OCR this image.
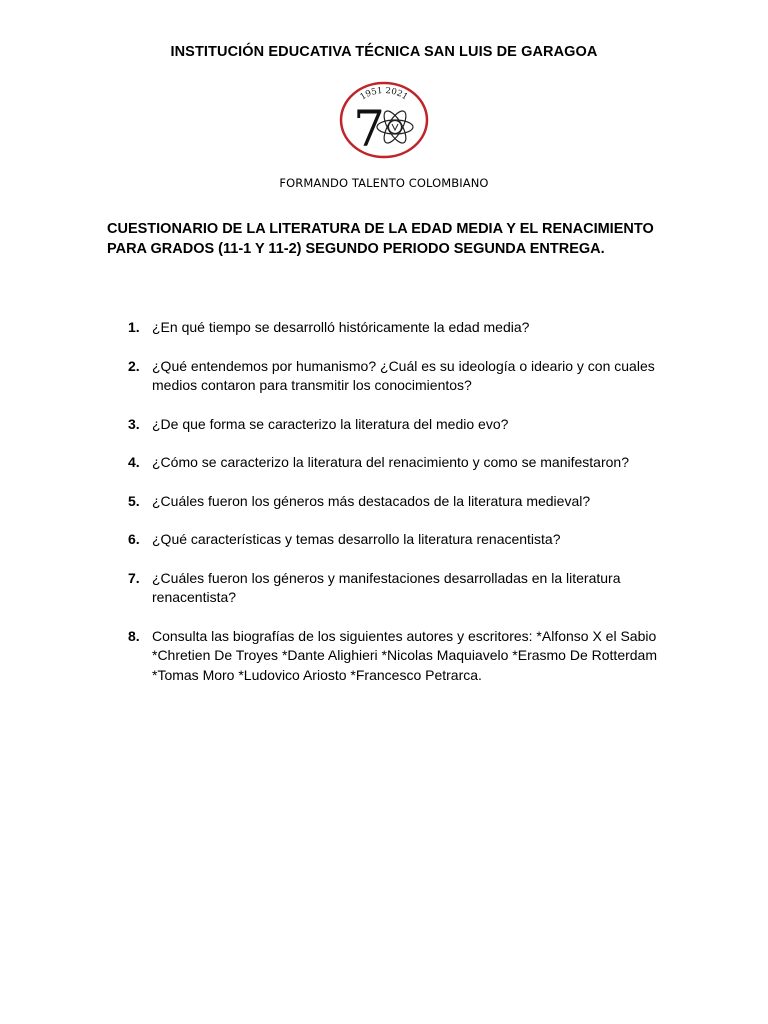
INSTITUCIÓN EDUCATIVA TÉCNICA SAN LUIS DE GARAGOA
1951 2021
7
FORMANDO TALENTO COLOMBIANO
CUESTIONARIO DE LA LITERATURA DE LA EDAD MEDIA Y EL RENACIMIENTO PARA GRADOS (11-1 Y 11-2) SEGUNDO PERIODO SEGUNDA ENTREGA.
1. ¿En qué tiempo se desarrolló históricamente la edad media?
2. ¿Qué entendemos por humanismo? ¿Cuál es su ideología o ideario y con cuales medios contaron para transmitir los conocimientos?
3. ¿De que forma se caracterizo la literatura del medio evo?
4. ¿Cómo se caracterizo la literatura del renacimiento y como se manifestaron?
5. ¿Cuáles fueron los géneros más destacados de la literatura medieval?
6. ¿Qué características y temas desarrollo la literatura renacentista?
7. ¿Cuáles fueron los géneros y manifestaciones desarrolladas en la literatura renacentista?
8. Consulta las biografías de los siguientes autores y escritores: *Alfonso X el Sabio *Chretien De Troyes *Dante Alighieri *Nicolas Maquiavelo *Erasmo De Rotterdam *Tomas Moro *Ludovico Ariosto *Francesco Petrarca.
